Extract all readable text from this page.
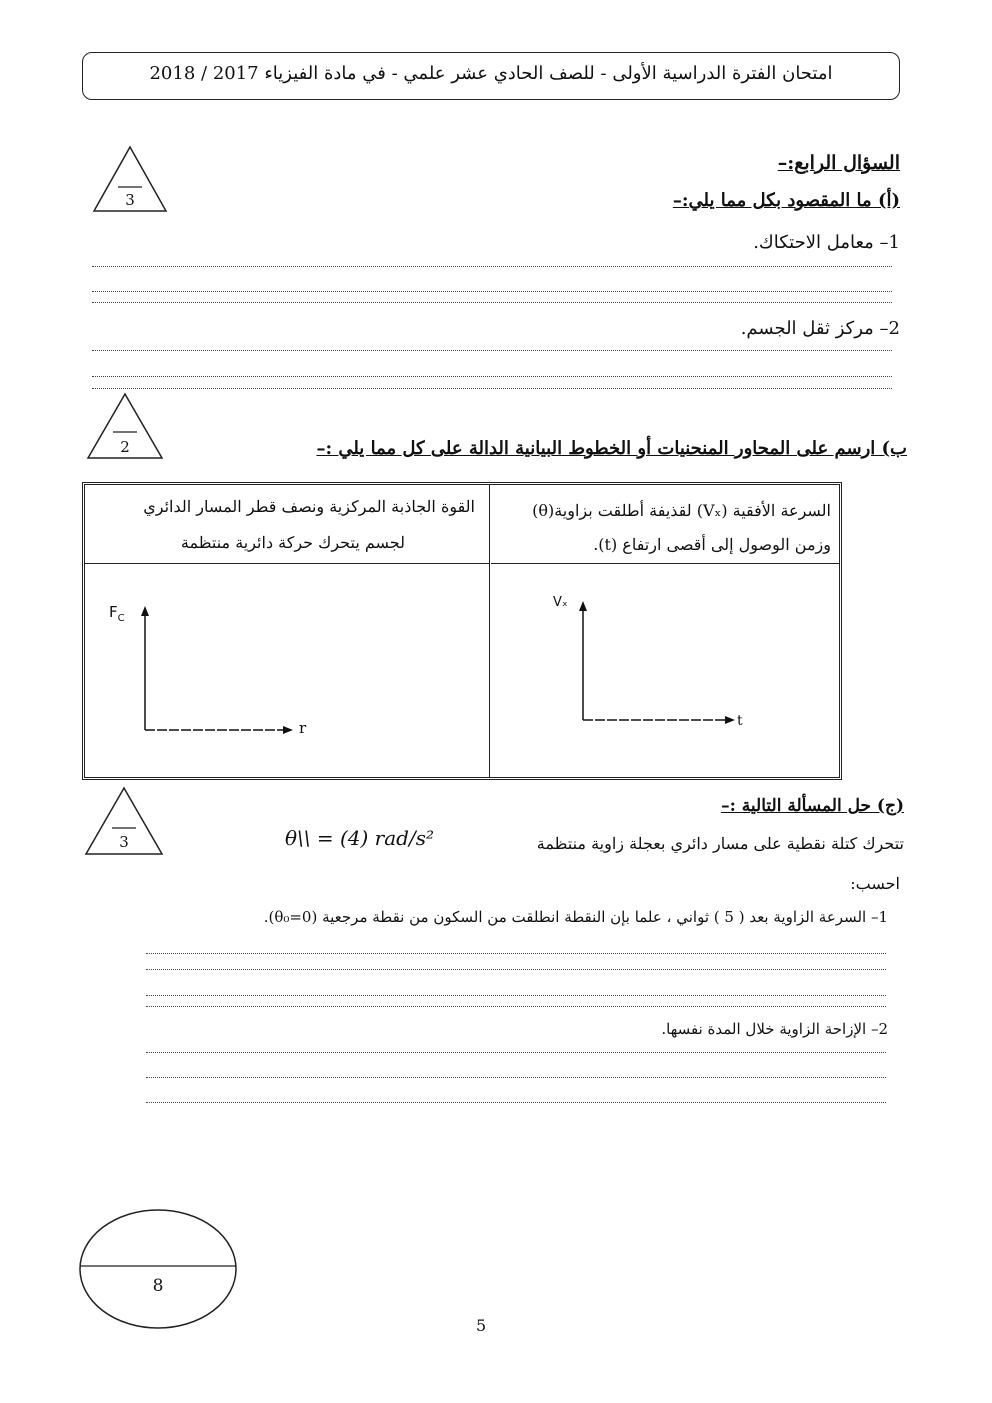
امتحان الفترة الدراسية الأولى - للصف الحادي عشر علمي - في مادة الفيزياء 2017 / 2018
السؤال الرابع:–
3	(أ) ما المقصود بكل مما يلي:–
1– معامل الاحتكاك.
2– مركز ثقل الجسم.
2	ب) ارسم على المحاور المنحنيات أو الخطوط البيانية الدالة على كل مما يلي :–
القوة الجاذبة المركزية ونصف قطر المسار الدائري
لجسم يتحرك حركة دائرية منتظمة
$F_C$
r
السرعة الأفقية (Vₓ) لقذيفة أطلقت بزاوية(θ)
وزمن الوصول إلى أقصى ارتفاع (t).
Vₓ
t
3
(ج) حل المسألة التالية :–
تتحرك كتلة نقطية على مسار دائري بعجلة زاوية منتظمة
θ\\ = (4) rad/s²
احسب:
1– السرعة الزاوية بعد ( 5 ) ثواني ، علما بإن النقطة انطلقت من السكون من نقطة مرجعية (θ₀=0).
2– الإزاحة الزاوية خلال المدة نفسها.
8
5
